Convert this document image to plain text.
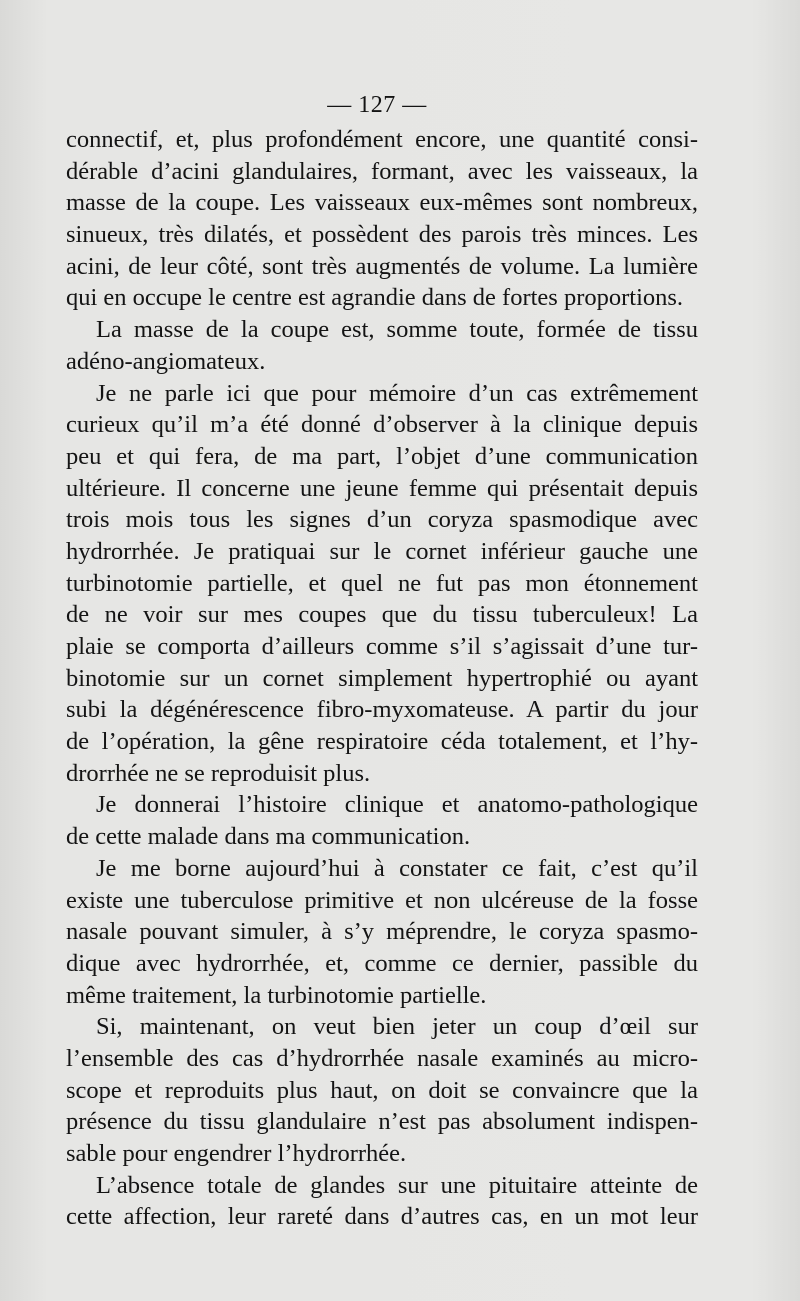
— 127 —
connectif, et, plus profondément encore, une quantité consi-
dérable d’acini glandulaires, formant, avec les vaisseaux, la
masse de la coupe. Les vaisseaux eux-mêmes sont nombreux,
sinueux, très dilatés, et possèdent des parois très minces. Les
acini, de leur côté, sont très augmentés de volume. La lumière
qui en occupe le centre est agrandie dans de fortes proportions.
La masse de la coupe est, somme toute, formée de tissu
adéno-angiomateux.
Je ne parle ici que pour mémoire d’un cas extrêmement
curieux qu’il m’a été donné d’observer à la clinique depuis
peu et qui fera, de ma part, l’objet d’une communication
ultérieure. Il concerne une jeune femme qui présentait depuis
trois mois tous les signes d’un coryza spasmodique avec
hydrorrhée. Je pratiquai sur le cornet inférieur gauche une
turbinotomie partielle, et quel ne fut pas mon étonnement
de ne voir sur mes coupes que du tissu tuberculeux! La
plaie se comporta d’ailleurs comme s’il s’agissait d’une tur-
binotomie sur un cornet simplement hypertrophié ou ayant
subi la dégénérescence fibro-myxomateuse. A partir du jour
de l’opération, la gêne respiratoire céda totalement, et l’hy-
drorrhée ne se reproduisit plus.
Je donnerai l’histoire clinique et anatomo-pathologique
de cette malade dans ma communication.
Je me borne aujourd’hui à constater ce fait, c’est qu’il
existe une tuberculose primitive et non ulcéreuse de la fosse
nasale pouvant simuler, à s’y méprendre, le coryza spasmo-
dique avec hydrorrhée, et, comme ce dernier, passible du
même traitement, la turbinotomie partielle.
Si, maintenant, on veut bien jeter un coup d’œil sur
l’ensemble des cas d’hydrorrhée nasale examinés au micro-
scope et reproduits plus haut, on doit se convaincre que la
présence du tissu glandulaire n’est pas absolument indispen-
sable pour engendrer l’hydrorrhée.
L’absence totale de glandes sur une pituitaire atteinte de
cette affection, leur rareté dans d’autres cas, en un mot leur
